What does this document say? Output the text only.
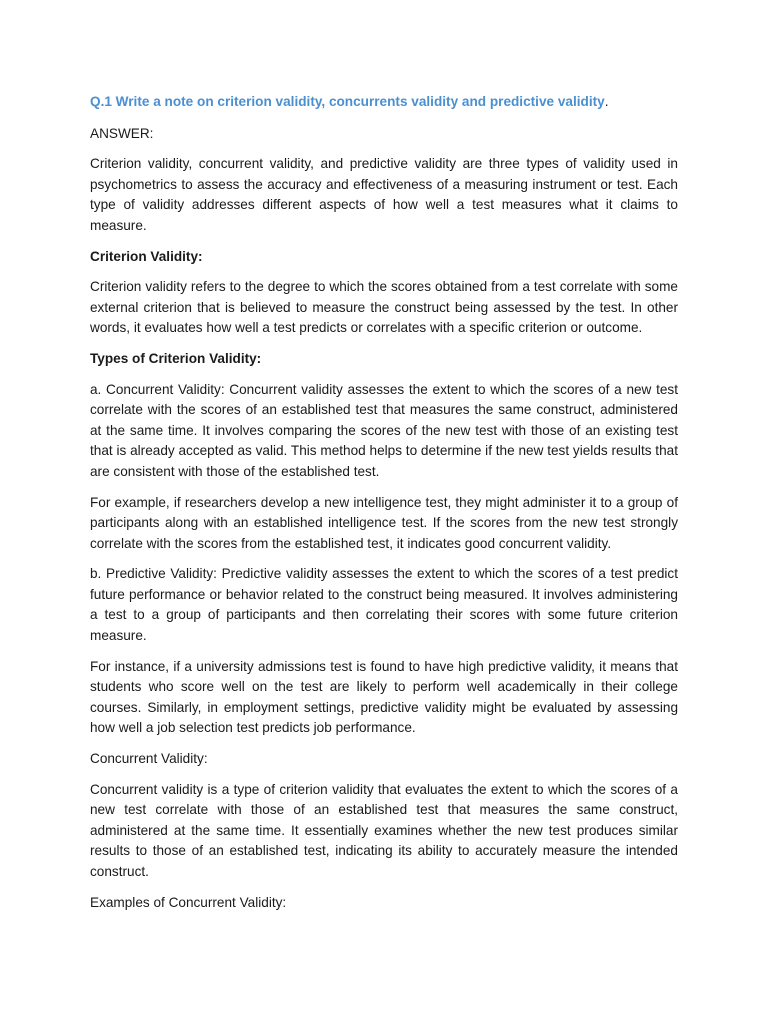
Q.1 Write a note on criterion validity, concurrents validity and predictive validity.

ANSWER:

Criterion validity, concurrent validity, and predictive validity are three types of validity used in psychometrics to assess the accuracy and effectiveness of a measuring instrument or test. Each type of validity addresses different aspects of how well a test measures what it claims to measure.

Criterion Validity:

Criterion validity refers to the degree to which the scores obtained from a test correlate with some external criterion that is believed to measure the construct being assessed by the test. In other words, it evaluates how well a test predicts or correlates with a specific criterion or outcome.

Types of Criterion Validity:

a. Concurrent Validity: Concurrent validity assesses the extent to which the scores of a new test correlate with the scores of an established test that measures the same construct, administered at the same time. It involves comparing the scores of the new test with those of an existing test that is already accepted as valid. This method helps to determine if the new test yields results that are consistent with those of the established test.

For example, if researchers develop a new intelligence test, they might administer it to a group of participants along with an established intelligence test. If the scores from the new test strongly correlate with the scores from the established test, it indicates good concurrent validity.

b. Predictive Validity: Predictive validity assesses the extent to which the scores of a test predict future performance or behavior related to the construct being measured. It involves administering a test to a group of participants and then correlating their scores with some future criterion measure.

For instance, if a university admissions test is found to have high predictive validity, it means that students who score well on the test are likely to perform well academically in their college courses. Similarly, in employment settings, predictive validity might be evaluated by assessing how well a job selection test predicts job performance.

Concurrent Validity:

Concurrent validity is a type of criterion validity that evaluates the extent to which the scores of a new test correlate with those of an established test that measures the same construct, administered at the same time. It essentially examines whether the new test produces similar results to those of an established test, indicating its ability to accurately measure the intended construct.

Examples of Concurrent Validity:
